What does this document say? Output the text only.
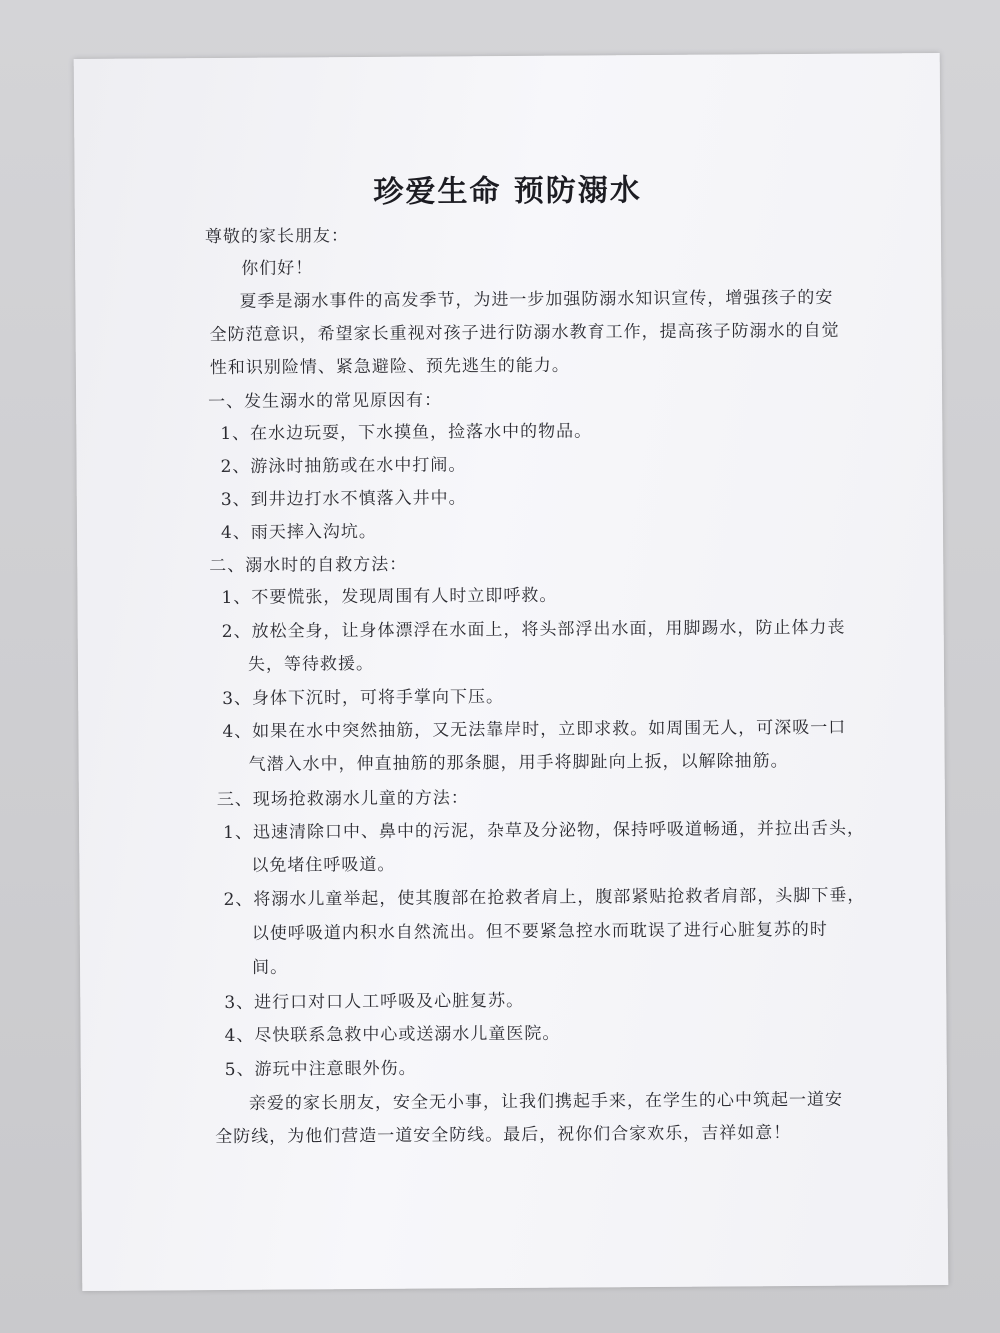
珍爱生命 预防溺水
尊敬的家长朋友：
你们好！
夏季是溺水事件的高发季节，为进一步加强防溺水知识宣传，增强孩子的安
全防范意识，希望家长重视对孩子进行防溺水教育工作，提高孩子防溺水的自觉
性和识别险情、紧急避险、预先逃生的能力。
一、发生溺水的常见原因有：
1、在水边玩耍，下水摸鱼，捡落水中的物品。
2、游泳时抽筋或在水中打闹。
3、到井边打水不慎落入井中。
4、雨天摔入沟坑。
二、溺水时的自救方法：
1、不要慌张，发现周围有人时立即呼救。
2、放松全身，让身体漂浮在水面上，将头部浮出水面，用脚踢水，防止体力丧
失，等待救援。
3、身体下沉时，可将手掌向下压。
4、如果在水中突然抽筋，又无法靠岸时，立即求救。如周围无人，可深吸一口
气潜入水中，伸直抽筋的那条腿，用手将脚趾向上扳，以解除抽筋。
三、现场抢救溺水儿童的方法：
1、迅速清除口中、鼻中的污泥，杂草及分泌物，保持呼吸道畅通，并拉出舌头，
以免堵住呼吸道。
2、将溺水儿童举起，使其腹部在抢救者肩上，腹部紧贴抢救者肩部，头脚下垂，
以使呼吸道内积水自然流出。但不要紧急控水而耽误了进行心脏复苏的时
间。
3、进行口对口人工呼吸及心脏复苏。
4、尽快联系急救中心或送溺水儿童医院。
5、游玩中注意眼外伤。
亲爱的家长朋友，安全无小事，让我们携起手来，在学生的心中筑起一道安
全防线，为他们营造一道安全防线。最后，祝你们合家欢乐，吉祥如意！
